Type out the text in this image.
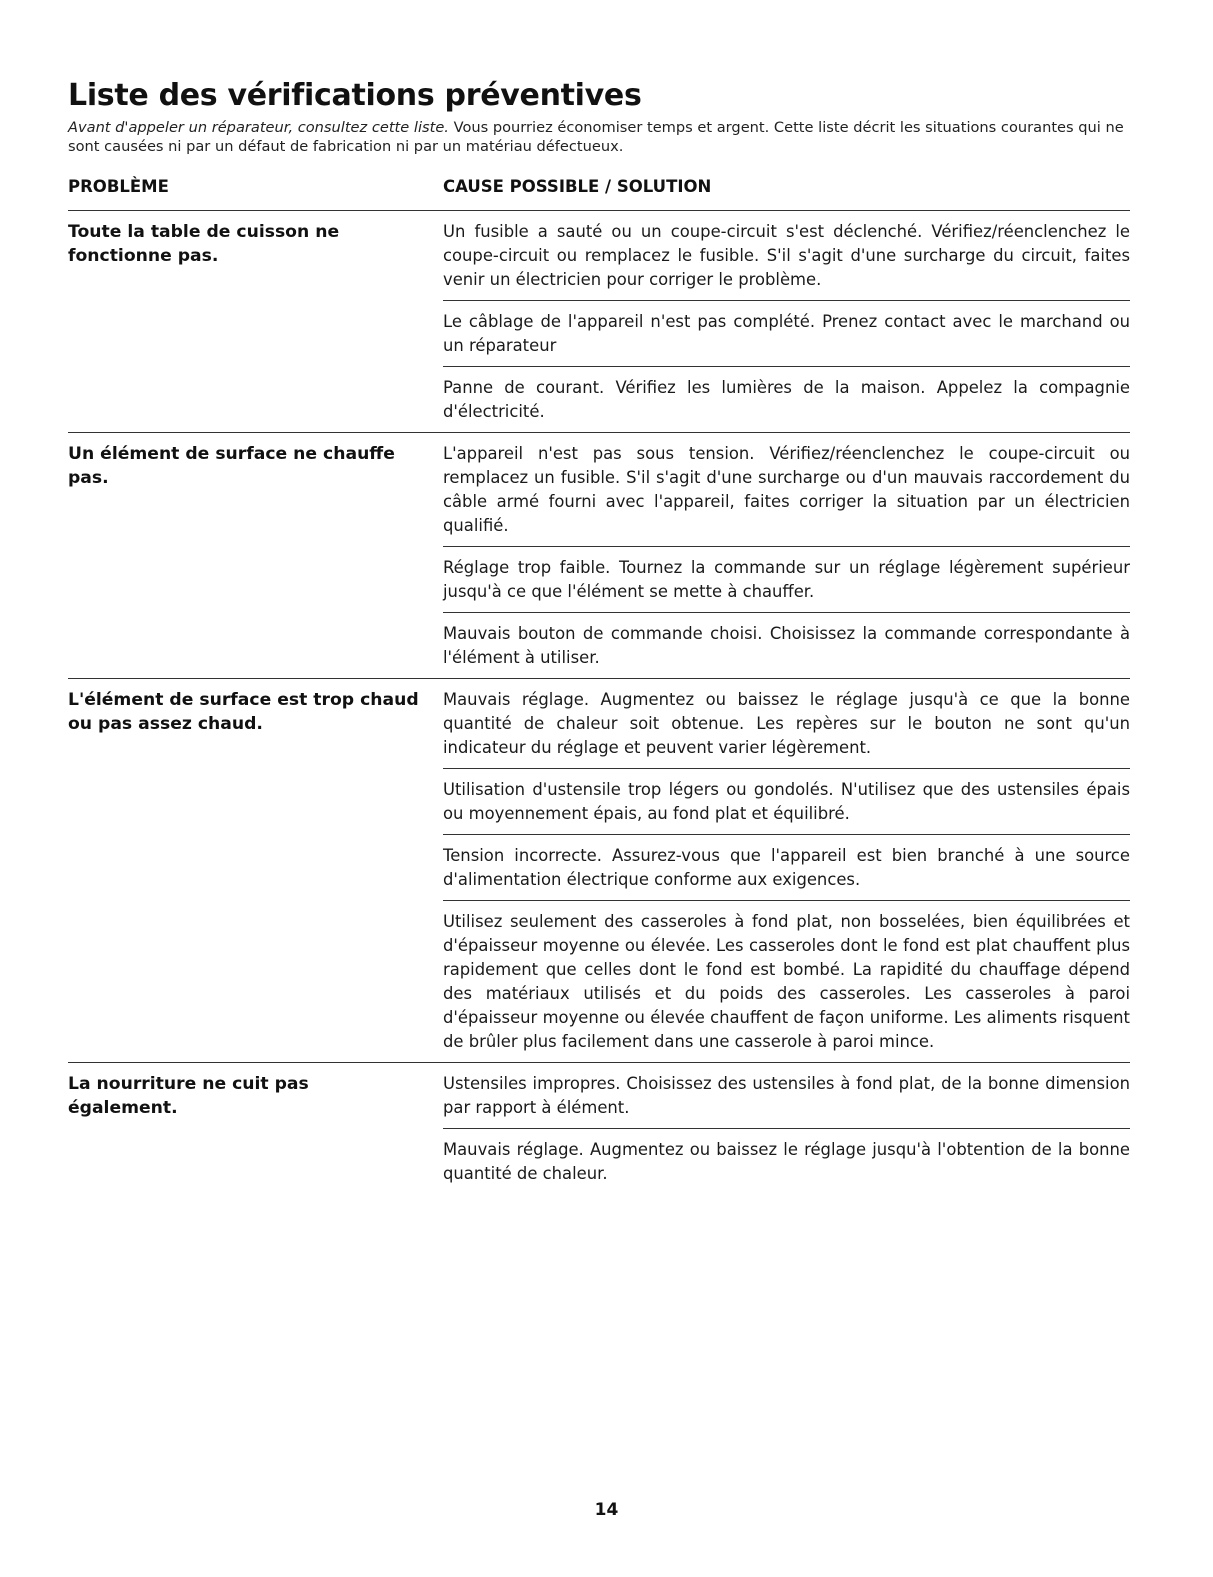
Liste des vérifications préventives

Avant d'appeler un réparateur, consultez cette liste. Vous pourriez économiser temps et argent. Cette liste décrit les situations courantes qui ne sont causées ni par un défaut de fabrication ni par un matériau défectueux.

PROBLÈME	CAUSE POSSIBLE / SOLUTION
Toute la table de cuisson ne fonctionne pas.
Un fusible a sauté ou un coupe-circuit s'est déclenché. Vérifiez/réenclenchez le coupe-circuit ou remplacez le fusible. S'il s'agit d'une surcharge du circuit, faites venir un électricien pour corriger le problème.
Le câblage de l'appareil n'est pas complété. Prenez contact avec le marchand ou un réparateur
Panne de courant. Vérifiez les lumières de la maison. Appelez la compagnie d'électricité.
Un élément de surface ne chauffe pas.
L'appareil n'est pas sous tension. Vérifiez/réenclenchez le coupe-circuit ou remplacez un fusible. S'il s'agit d'une surcharge ou d'un mauvais raccordement du câble armé fourni avec l'appareil, faites corriger la situation par un électricien qualifié.
Réglage trop faible. Tournez la commande sur un réglage légèrement supérieur jusqu'à ce que l'élément se mette à chauffer.
Mauvais bouton de commande choisi. Choisissez la commande correspondante à l'élément à utiliser.
L'élément de surface est trop chaud ou pas assez chaud.
Mauvais réglage. Augmentez ou baissez le réglage jusqu'à ce que la bonne quantité de chaleur soit obtenue. Les repères sur le bouton ne sont qu'un indicateur du réglage et peuvent varier légèrement.
Utilisation d'ustensile trop légers ou gondolés. N'utilisez que des ustensiles épais ou moyennement épais, au fond plat et équilibré.
Tension incorrecte. Assurez-vous que l'appareil est bien branché à une source d'alimentation électrique conforme aux exigences.
Utilisez seulement des casseroles à fond plat, non bosselées, bien équilibrées et d'épaisseur moyenne ou élevée. Les casseroles dont le fond est plat chauffent plus rapidement que celles dont le fond est bombé. La rapidité du chauffage dépend des matériaux utilisés et du poids des casseroles. Les casseroles à paroi d'épaisseur moyenne ou élevée chauffent de façon uniforme. Les aliments risquent de brûler plus facilement dans une casserole à paroi mince.
La nourriture ne cuit pas également.
Ustensiles impropres. Choisissez des ustensiles à fond plat, de la bonne dimension par rapport à élément.
Mauvais réglage. Augmentez ou baissez le réglage jusqu'à l'obtention de la bonne quantité de chaleur.
14
